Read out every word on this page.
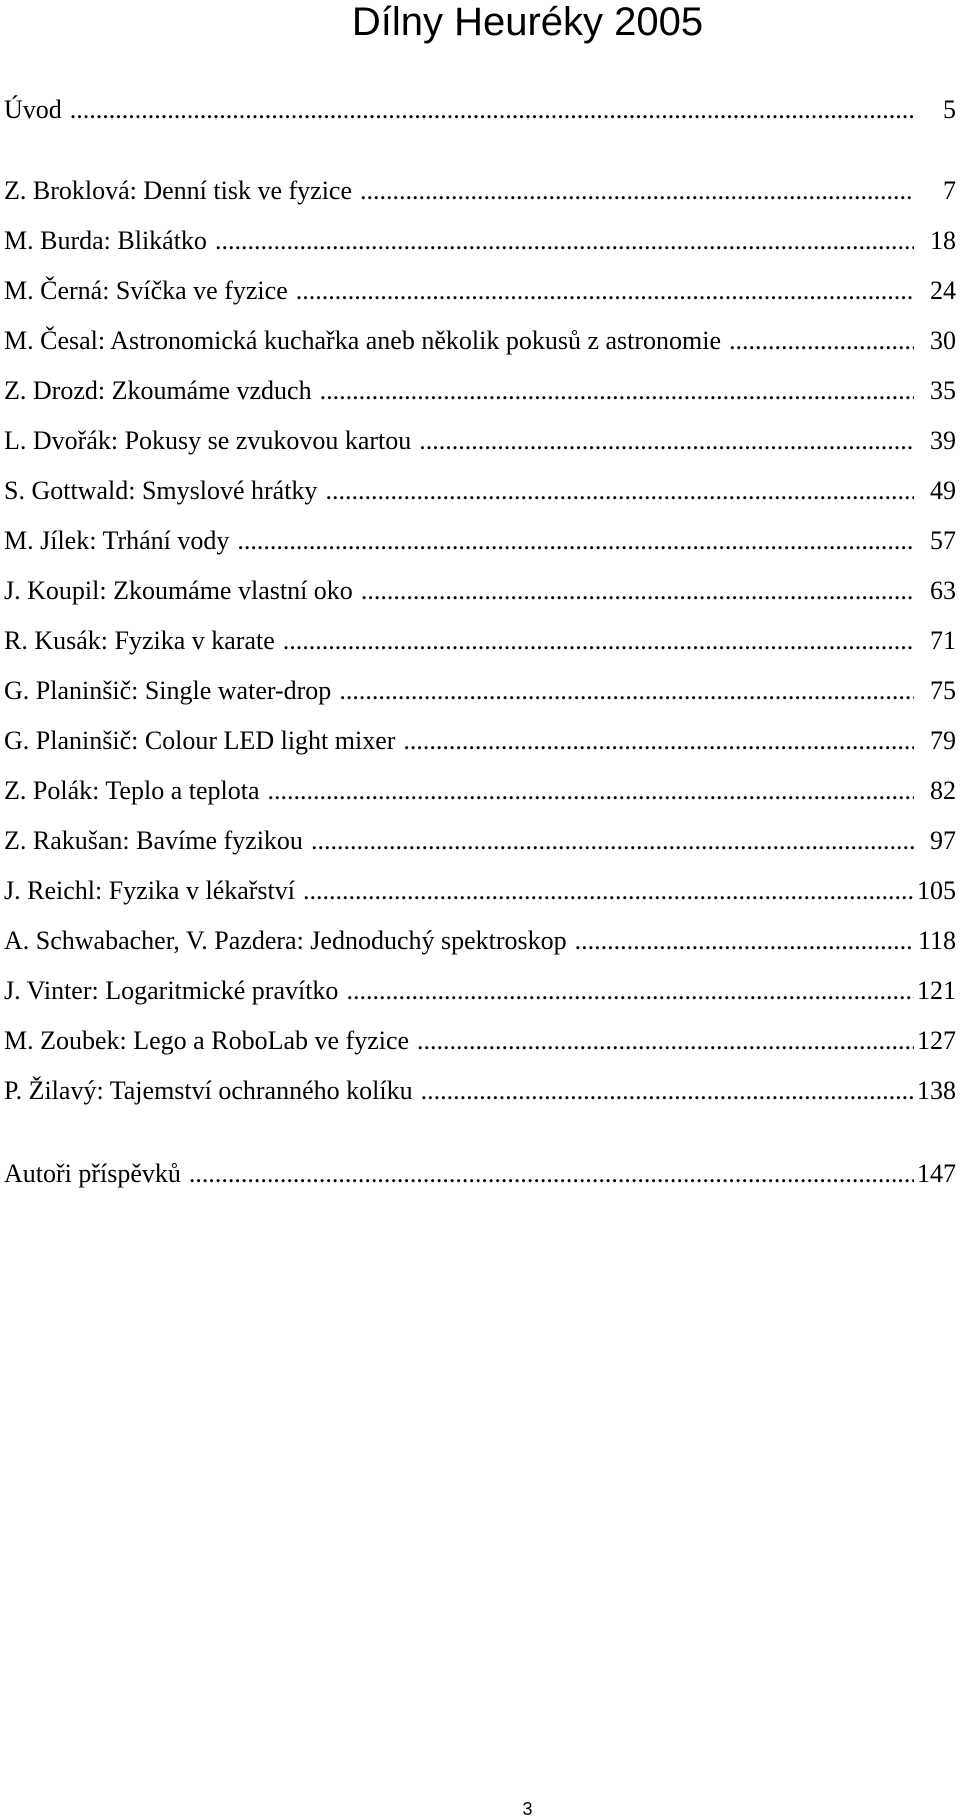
Dílny Heuréky 2005
Úvod .....	5
Z. Broklová: Denní tisk ve fyzice .....	7
M. Burda: Blikátko .....	18
M. Černá: Svíčka ve fyzice .....	24
M. Česal: Astronomická kuchařka aneb několik pokusů z astronomie .....	30
Z. Drozd: Zkoumáme vzduch .....	35
L. Dvořák: Pokusy se zvukovou kartou .....	39
S. Gottwald: Smyslové hrátky .....	49
M. Jílek: Trhání vody .....	57
J. Koupil: Zkoumáme vlastní oko .....	63
R. Kusák: Fyzika v karate .....	71
G. Planinšič: Single water-drop .....	75
G. Planinšič: Colour LED light mixer .....	79
Z. Polák: Teplo a teplota .....	82
Z. Rakušan: Bavíme fyzikou .....	97
J. Reichl: Fyzika v lékařství .....	105
A. Schwabacher, V. Pazdera: Jednoduchý spektroskop .....	118
J. Vinter: Logaritmické pravítko .....	121
M. Zoubek: Lego a RoboLab ve fyzice .....	127
P. Žilavý: Tajemství ochranného kolíku .....	138
Autoři příspěvků .....	147
3
